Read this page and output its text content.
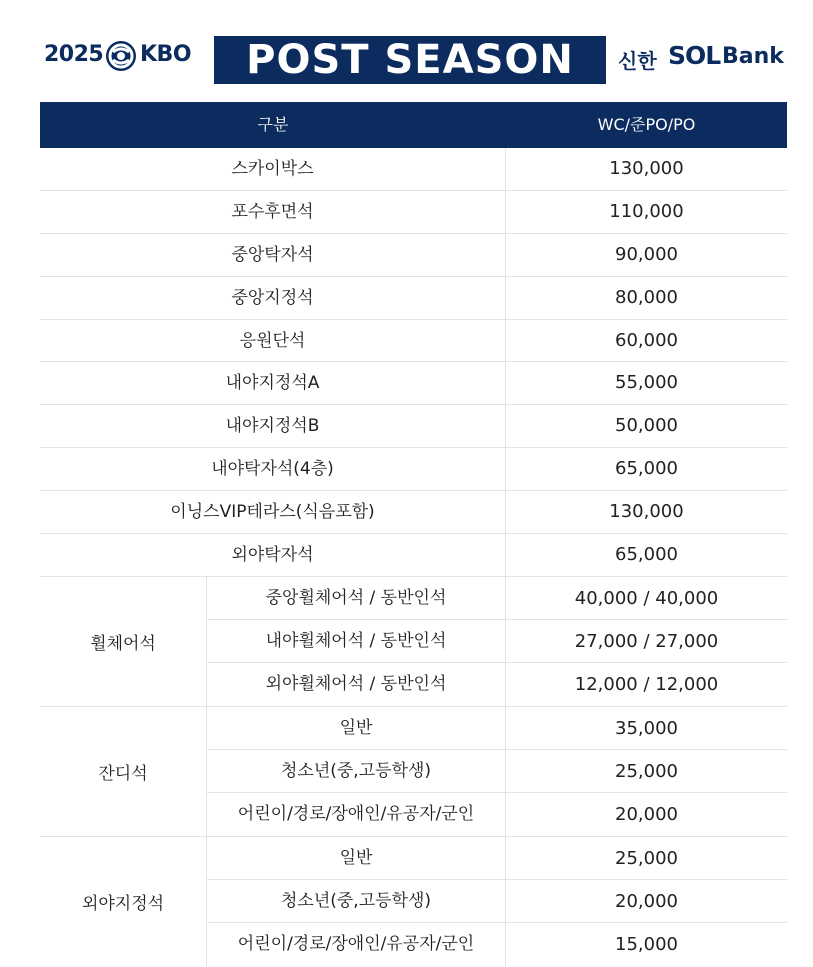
2025 KBO	POST SEASON	신한 SOL Bank
구분	WC/준PO/PO
스카이박스	130,000
포수후면석	110,000
중앙탁자석	90,000
중앙지정석	80,000
응원단석	60,000
내야지정석A	55,000
내야지정석B	50,000
내야탁자석(4층)	65,000
이닝스VIP테라스(식음포함)	130,000
외야탁자석	65,000
휠체어석
중앙휠체어석 / 동반인석	40,000 / 40,000
내야휠체어석 / 동반인석	27,000 / 27,000
외야휠체어석 / 동반인석	12,000 / 12,000
잔디석
일반	35,000
청소년(중,고등학생)	25,000
어린이/경로/장애인/유공자/군인	20,000
외야지정석
일반	25,000
청소년(중,고등학생)	20,000
어린이/경로/장애인/유공자/군인	15,000
